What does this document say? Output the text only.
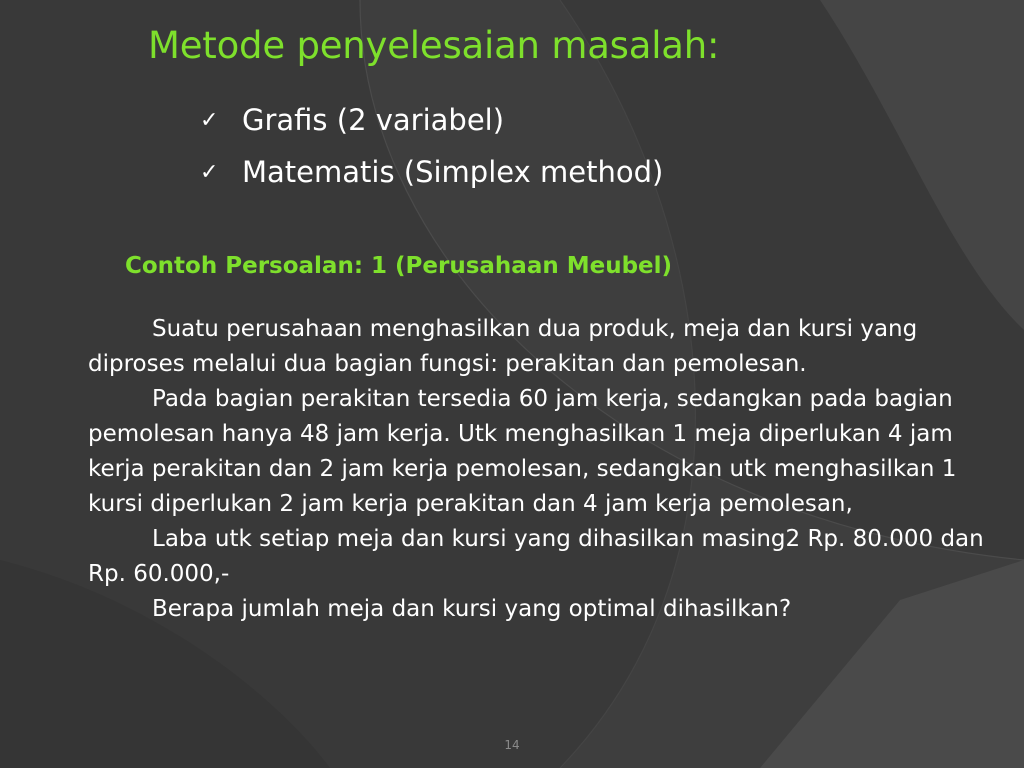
Metode penyelesaian masalah:
✓ Grafis (2 variabel)
✓ Matematis (Simplex method)
Contoh Persoalan: 1 (Perusahaan Meubel)

Suatu perusahaan menghasilkan dua produk, meja dan kursi yang diproses melalui dua bagian fungsi: perakitan dan pemolesan.

Pada bagian perakitan tersedia 60 jam kerja, sedangkan pada bagian pemolesan hanya 48 jam kerja. Utk menghasilkan 1 meja diperlukan 4 jam kerja perakitan dan 2 jam kerja pemolesan, sedangkan utk menghasilkan 1 kursi diperlukan 2 jam kerja perakitan dan 4 jam kerja pemolesan,

Laba utk setiap meja dan kursi yang dihasilkan masing2 Rp. 80.000 dan Rp. 60.000,-

Berapa jumlah meja dan kursi yang optimal dihasilkan?

14
